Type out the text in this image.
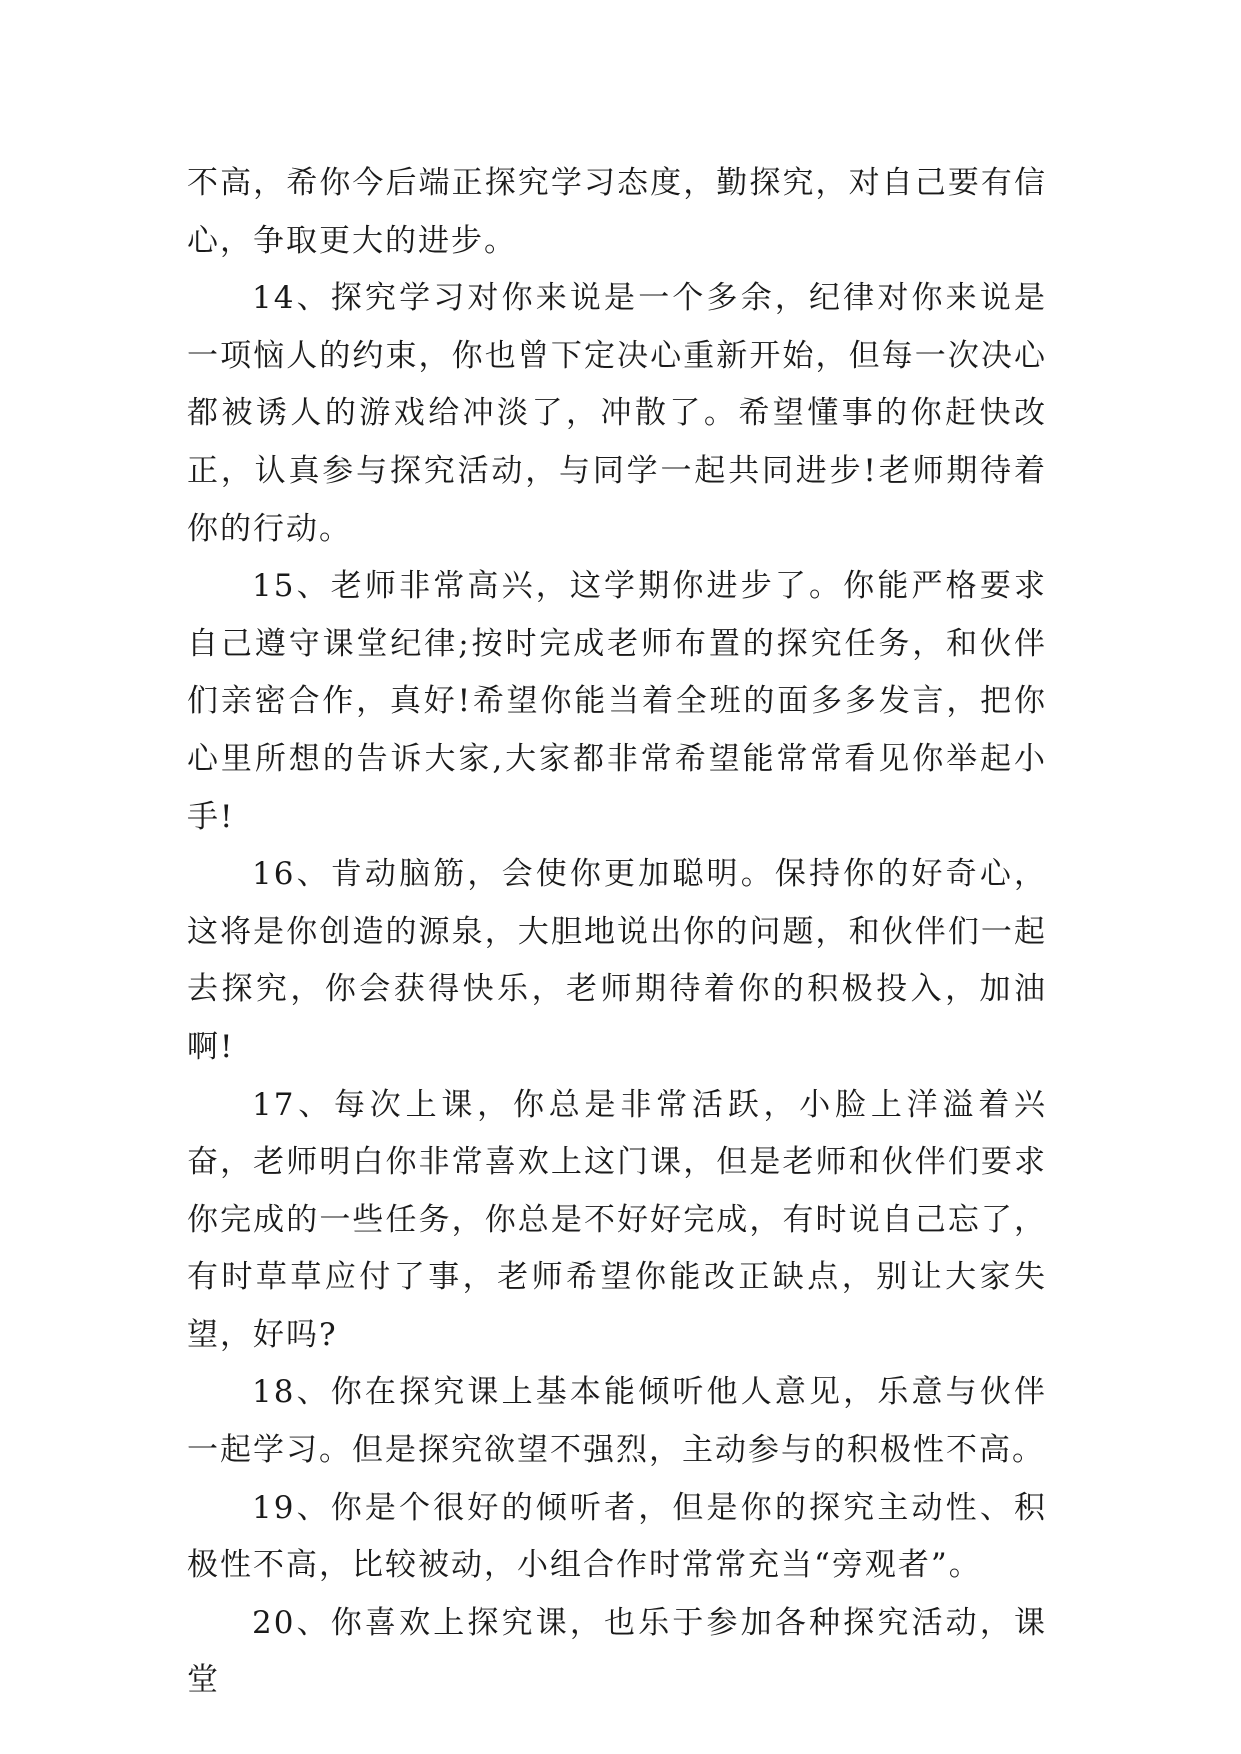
不高，希你今后端正探究学习态度，勤探究，对自己要有信心，争取更大的进步。

14、探究学习对你来说是一个多余，纪律对你来说是一项恼人的约束，你也曾下定决心重新开始，但每一次决心都被诱人的游戏给冲淡了，冲散了。希望懂事的你赶快改正，认真参与探究活动，与同学一起共同进步!老师期待着你的行动。

15、老师非常高兴，这学期你进步了。你能严格要求自己遵守课堂纪律;按时完成老师布置的探究任务，和伙伴们亲密合作，真好!希望你能当着全班的面多多发言，把你心里所想的告诉大家,大家都非常希望能常常看见你举起小手!

16、肯动脑筋，会使你更加聪明。保持你的好奇心，这将是你创造的源泉，大胆地说出你的问题，和伙伴们一起去探究，你会获得快乐，老师期待着你的积极投入，加油啊!

17、每次上课，你总是非常活跃，小脸上洋溢着兴奋，老师明白你非常喜欢上这门课，但是老师和伙伴们要求你完成的一些任务，你总是不好好完成，有时说自己忘了，有时草草应付了事，老师希望你能改正缺点，别让大家失望，好吗?

18、你在探究课上基本能倾听他人意见，乐意与伙伴一起学习。但是探究欲望不强烈，主动参与的积极性不高。

19、你是个很好的倾听者，但是你的探究主动性、积极性不高，比较被动，小组合作时常常充当“旁观者”。

20、你喜欢上探究课，也乐于参加各种探究活动，课堂
